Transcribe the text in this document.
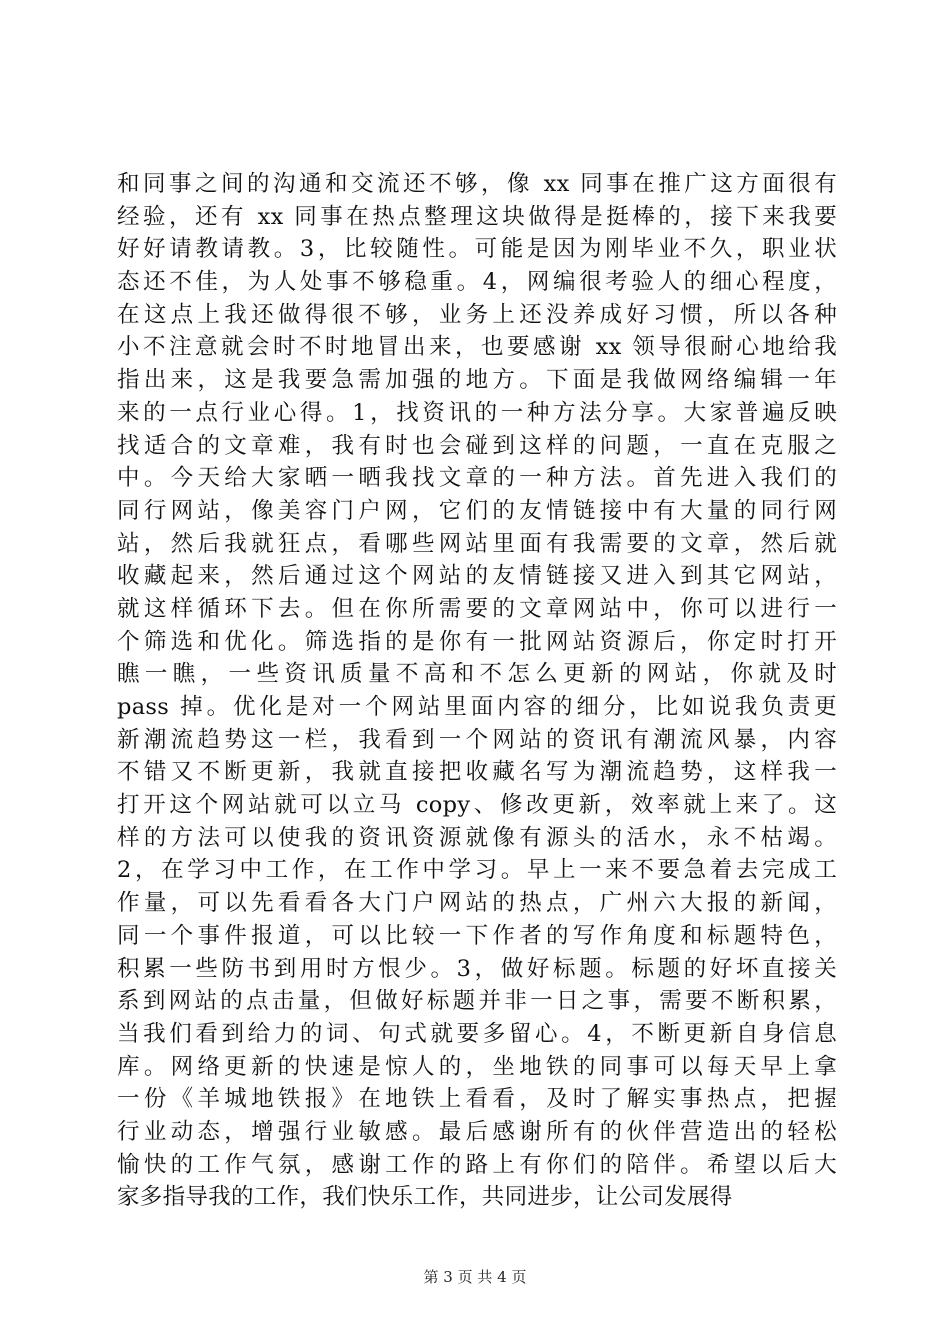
和同事之间的沟通和交流还不够，像 xx 同事在推广这方面很有
经验，还有 xx 同事在热点整理这块做得是挺棒的，接下来我要
好好请教请教。3，比较随性。可能是因为刚毕业不久，职业状
态还不佳，为人处事不够稳重。4，网编很考验人的细心程度，
在这点上我还做得很不够，业务上还没养成好习惯，所以各种
小不注意就会时不时地冒出来，也要感谢 xx 领导很耐心地给我
指出来，这是我要急需加强的地方。下面是我做网络编辑一年
来的一点行业心得。1，找资讯的一种方法分享。大家普遍反映
找适合的文章难，我有时也会碰到这样的问题，一直在克服之
中。今天给大家晒一晒我找文章的一种方法。首先进入我们的
同行网站，像美容门户网，它们的友情链接中有大量的同行网
站，然后我就狂点，看哪些网站里面有我需要的文章，然后就
收藏起来，然后通过这个网站的友情链接又进入到其它网站，
就这样循环下去。但在你所需要的文章网站中，你可以进行一
个筛选和优化。筛选指的是你有一批网站资源后，你定时打开
瞧一瞧，一些资讯质量不高和不怎么更新的网站，你就及时
pass 掉。优化是对一个网站里面内容的细分，比如说我负责更
新潮流趋势这一栏，我看到一个网站的资讯有潮流风暴，内容
不错又不断更新，我就直接把收藏名写为潮流趋势，这样我一
打开这个网站就可以立马 copy、修改更新，效率就上来了。这
样的方法可以使我的资讯资源就像有源头的活水，永不枯竭。
2，在学习中工作，在工作中学习。早上一来不要急着去完成工
作量，可以先看看各大门户网站的热点，广州六大报的新闻，
同一个事件报道，可以比较一下作者的写作角度和标题特色，
积累一些防书到用时方恨少。3，做好标题。标题的好坏直接关
系到网站的点击量，但做好标题并非一日之事，需要不断积累，
当我们看到给力的词、句式就要多留心。4，不断更新自身信息
库。网络更新的快速是惊人的，坐地铁的同事可以每天早上拿
一份《羊城地铁报》在地铁上看看，及时了解实事热点，把握
行业动态，增强行业敏感。最后感谢所有的伙伴营造出的轻松
愉快的工作气氛，感谢工作的路上有你们的陪伴。希望以后大
家多指导我的工作，我们快乐工作，共同进步，让公司发展得
第 3 页 共 4 页
